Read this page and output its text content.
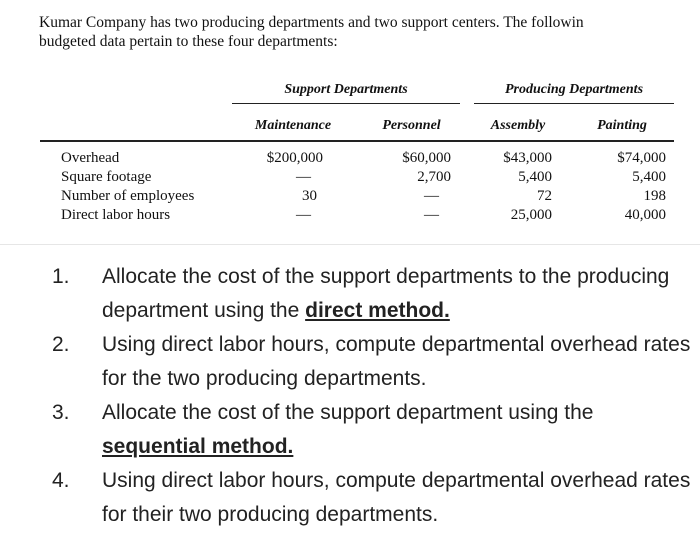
Kumar Company has two producing departments and two support centers. The followin
budgeted data pertain to these four departments:
Support Departments	Producing Departments
Maintenance	Personnel	Assembly	Painting
Overhead	$200,000	$60,000	$43,000	$74,000
Square footage	—	2,700	5,400	5,400
Number of employees	30	—	72	198
Direct labor hours	—	—	25,000	40,000
1. Allocate the cost of the support departments to the producing department using the direct method.
2. Using direct labor hours, compute departmental overhead rates for the two producing departments.
3. Allocate the cost of the support department using the sequential method.
4. Using direct labor hours, compute departmental overhead rates for their two producing departments.
